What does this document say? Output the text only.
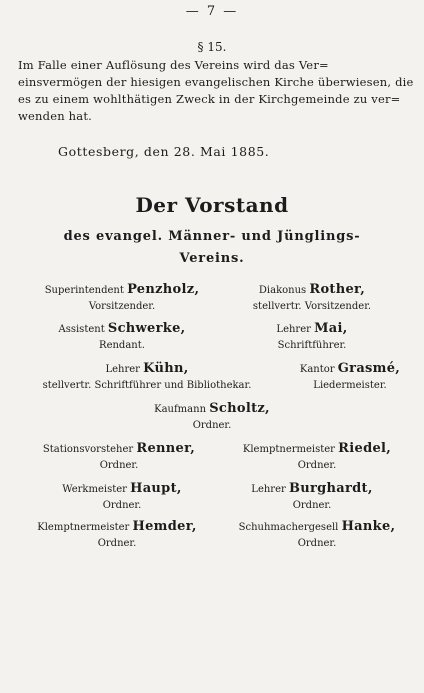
— 7 —
§ 15.
Im Falle einer Auflösung des Vereins wird das Ver=
einsvermögen der hiesigen evangelischen Kirche überwiesen, die
es zu einem wohlthätigen Zweck in der Kirchgemeinde zu ver=
wenden hat.
Gottesberg, den 28. Mai 1885.
Der Vorstand
des evangel. Männer- und Jünglings-
Vereins.
Superintendent Penzholz,
Vorsitzender.
Diakonus Rother,
stellvertr. Vorsitzender.
Assistent Schwerke,
Rendant.
Lehrer Mai,
Schriftführer.
Lehrer Kühn,
stellvertr. Schriftführer und Bibliothekar.
Kantor Grasmé,
Liedermeister.
Kaufmann Scholtz,
Ordner.
Stationsvorsteher Renner,
Ordner.
Klemptnermeister Riedel,
Ordner.
Werkmeister Haupt,
Ordner.
Lehrer Burghardt,
Ordner.
Klemptnermeister Hemder,
Ordner.
Schuhmachergesell Hanke,
Ordner.
